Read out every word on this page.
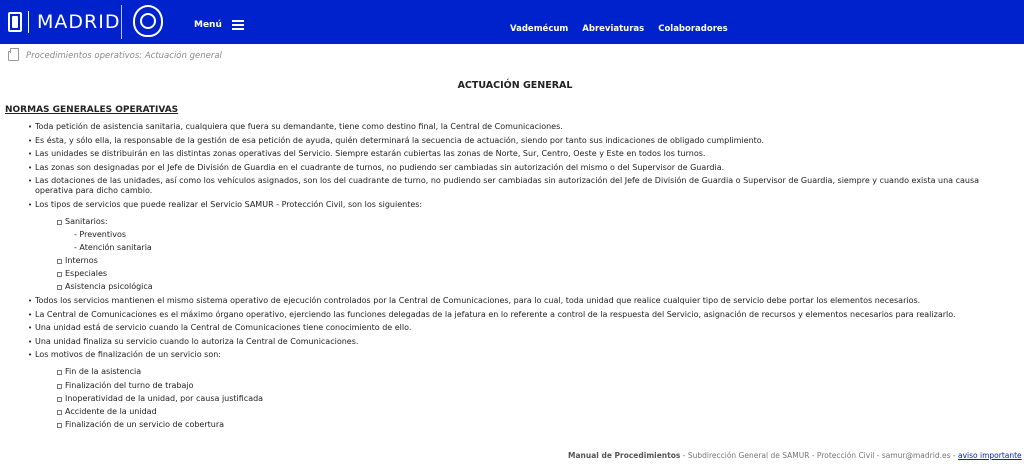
MADRID	Menú	Vademécum Abreviaturas Colaboradores
Procedimientos operativos: Actuación general
ACTUACIÓN GENERAL
NORMAS GENERALES OPERATIVAS
• Toda petición de asistencia sanitaria, cualquiera que fuera su demandante, tiene como destino final, la Central de Comunicaciones.
• Es ésta, y sólo ella, la responsable de la gestión de esa petición de ayuda, quién determinará la secuencia de actuación, siendo por tanto sus indicaciones de obligado cumplimiento.
• Las unidades se distribuirán en las distintas zonas operativas del Servicio. Siempre estarán cubiertas las zonas de Norte, Sur, Centro, Oeste y Este en todos los turnos.
• Las zonas son designadas por el Jefe de División de Guardia en el cuadrante de turnos, no pudiendo ser cambiadas sin autorización del mismo o del Supervisor de Guardia.
• Las dotaciones de las unidades, así como los vehículos asignados, son los del cuadrante de turno, no pudiendo ser cambiadas sin autorización del Jefe de División de Guardia o Supervisor de Guardia, siempre y cuando exista una causa operativa para dicho cambio.
• Los tipos de servicios que puede realizar el Servicio SAMUR - Protección Civil, son los siguientes:
Sanitarios:
- Preventivos
- Atención sanitaria
Internos
Especiales
Asistencia psicológica
• Todos los servicios mantienen el mismo sistema operativo de ejecución controlados por la Central de Comunicaciones, para lo cual, toda unidad que realice cualquier tipo de servicio debe portar los elementos necesarios.
• La Central de Comunicaciones es el máximo órgano operativo, ejerciendo las funciones delegadas de la jefatura en lo referente a control de la respuesta del Servicio, asignación de recursos y elementos necesarios para realizarlo.
• Una unidad está de servicio cuando la Central de Comunicaciones tiene conocimiento de ello.
• Una unidad finaliza su servicio cuando lo autoriza la Central de Comunicaciones.
• Los motivos de finalización de un servicio son:
Fin de la asistencia
Finalización del turno de trabajo
Inoperatividad de la unidad, por causa justificada
Accidente de la unidad
Finalización de un servicio de cobertura
Manual de Procedimientos - Subdirección General de SAMUR - Protección Civil - samur@madrid.es - aviso importante
